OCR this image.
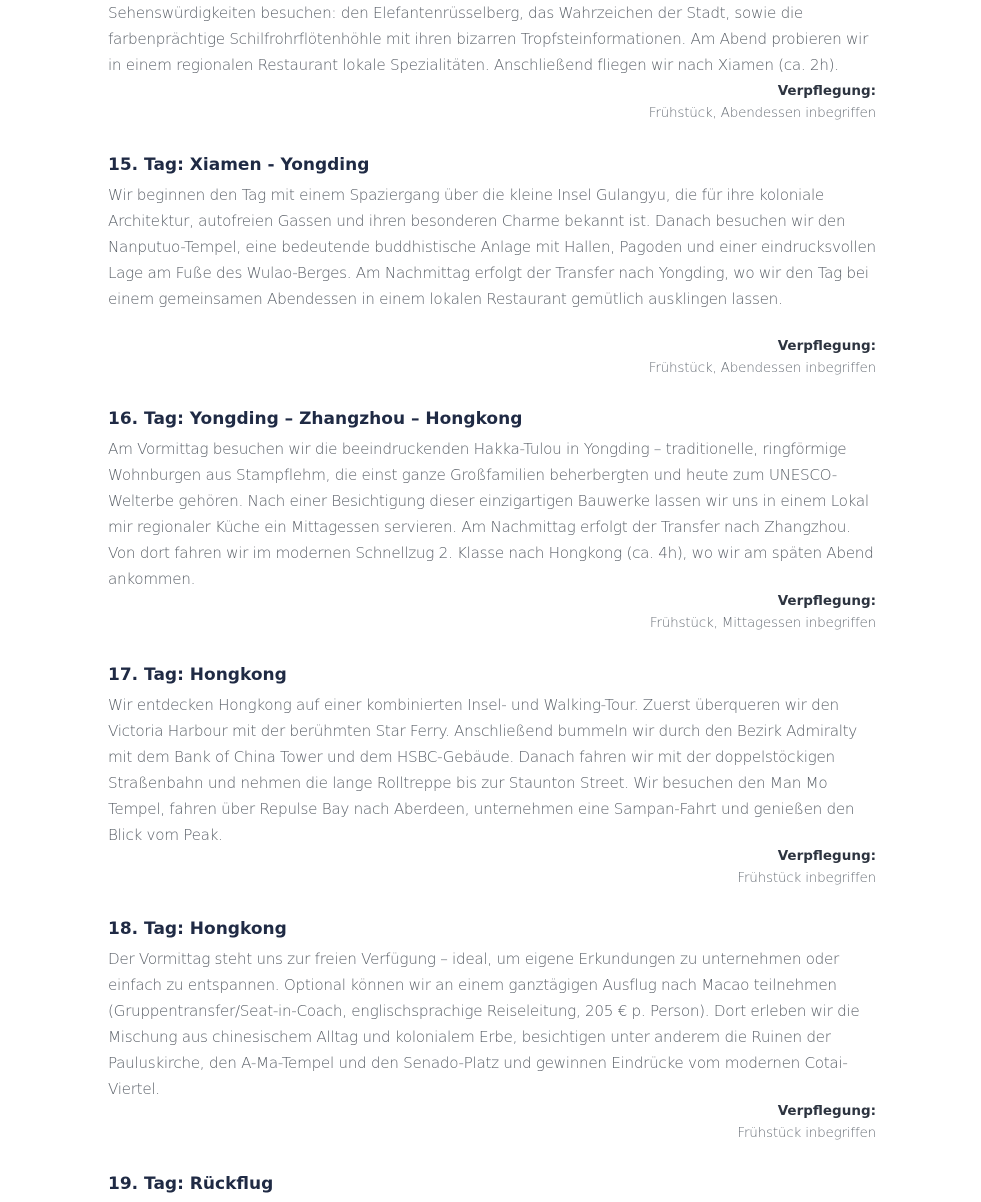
Sehenswürdigkeiten besuchen: den Elefantenrüsselberg, das Wahrzeichen der Stadt, sowie die farbenprächtige Schilfrohrflötenhöhle mit ihren bizarren Tropfsteinformationen. Am Abend probieren wir in einem regionalen Restaurant lokale Spezialitäten. Anschließend fliegen wir nach Xiamen (ca. 2h).

Verpflegung:
Frühstück, Abendessen inbegriffen
15. Tag: Xiamen - Yongding

Wir beginnen den Tag mit einem Spaziergang über die kleine Insel Gulangyu, die für ihre koloniale Architektur, autofreien Gassen und ihren besonderen Charme bekannt ist. Danach besuchen wir den Nanputuo-Tempel, eine bedeutende buddhistische Anlage mit Hallen, Pagoden und einer eindrucksvollen Lage am Fuße des Wulao-Berges. Am Nachmittag erfolgt der Transfer nach Yongding, wo wir den Tag bei einem gemeinsamen Abendessen in einem lokalen Restaurant gemütlich ausklingen lassen.

Verpflegung:
Frühstück, Abendessen inbegriffen
16. Tag: Yongding – Zhangzhou – Hongkong

Am Vormittag besuchen wir die beeindruckenden Hakka-Tulou in Yongding – traditionelle, ringförmige Wohnburgen aus Stampflehm, die einst ganze Großfamilien beherbergten und heute zum UNESCO-Welterbe gehören. Nach einer Besichtigung dieser einzigartigen Bauwerke lassen wir uns in einem Lokal mir regionaler Küche ein Mittagessen servieren. Am Nachmittag erfolgt der Transfer nach Zhangzhou. Von dort fahren wir im modernen Schnellzug 2. Klasse nach Hongkong (ca. 4h), wo wir am späten Abend ankommen.

Verpflegung:
Frühstück, Mittagessen inbegriffen
17. Tag: Hongkong

Wir entdecken Hongkong auf einer kombinierten Insel- und Walking-Tour. Zuerst überqueren wir den Victoria Harbour mit der berühmten Star Ferry. Anschließend bummeln wir durch den Bezirk Admiralty mit dem Bank of China Tower und dem HSBC-Gebäude. Danach fahren wir mit der doppelstöckigen Straßenbahn und nehmen die lange Rolltreppe bis zur Staunton Street. Wir besuchen den Man Mo Tempel, fahren über Repulse Bay nach Aberdeen, unternehmen eine Sampan-Fahrt und genießen den Blick vom Peak.

Verpflegung:
Frühstück inbegriffen
18. Tag: Hongkong

Der Vormittag steht uns zur freien Verfügung – ideal, um eigene Erkundungen zu unternehmen oder einfach zu entspannen. Optional können wir an einem ganztägigen Ausflug nach Macao teilnehmen (Gruppentransfer/Seat-in-Coach, englischsprachige Reiseleitung, 205 € p. Person). Dort erleben wir die Mischung aus chinesischem Alltag und kolonialem Erbe, besichtigen unter anderem die Ruinen der Pauluskirche, den A-Ma-Tempel und den Senado-Platz und gewinnen Eindrücke vom modernen Cotai-Viertel.

Verpflegung:
Frühstück inbegriffen
19. Tag: Rückflug
